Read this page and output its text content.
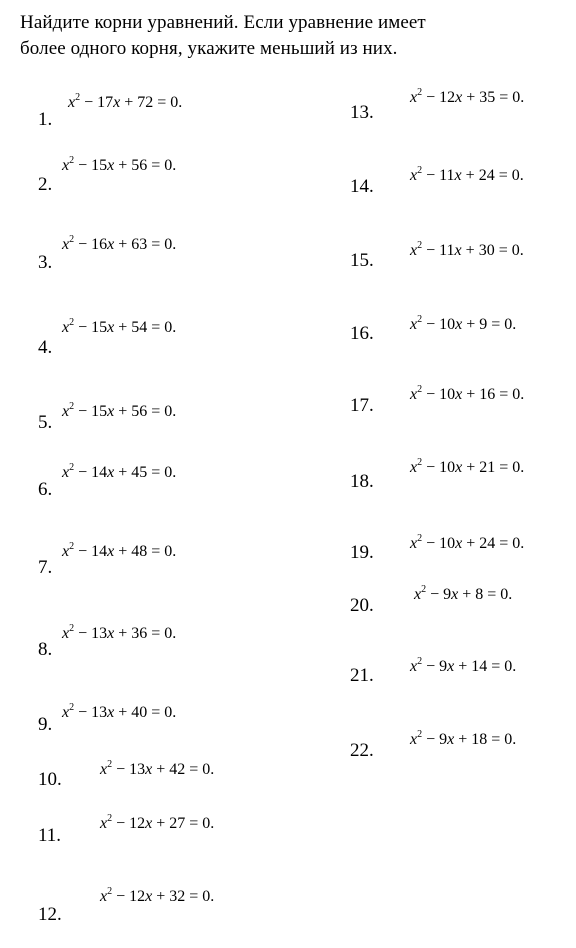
Найдите корни уравнений. Если уравнение имеет
более одного корня, укажите меньший из них.
1.
$x^2 - 17x + 72 = 0$.
2.
$x^2 - 15x + 56 = 0$.
3.
$x^2 - 16x + 63 = 0$.
4.
$x^2 - 15x + 54 = 0$.
5.
$x^2 - 15x + 56 = 0$.
6.
$x^2 - 14x + 45 = 0$.
7.
$x^2 - 14x + 48 = 0$.
8.
$x^2 - 13x + 36 = 0$.
9.
$x^2 - 13x + 40 = 0$.
10. $x^2 - 13x + 42 = 0$.
11.
$x^2 - 12x + 27 = 0$.
12.
$x^2 - 12x + 32 = 0$.
13.
$x^2 - 12x + 35 = 0$.
14.
$x^2 - 11x + 24 = 0$.
15. $x^2 - 11x + 30 = 0$.
16. $x^2 - 10x + 9 = 0$.
17.
$x^2 - 10x + 16 = 0$.
18.
$x^2 - 10x + 21 = 0$.
19. $x^2 - 10x + 24 = 0$.
20.
$x^2 - 9x + 8 = 0$.
21. $x^2 - 9x + 14 = 0$.
22.
$x^2 - 9x + 18 = 0$.
